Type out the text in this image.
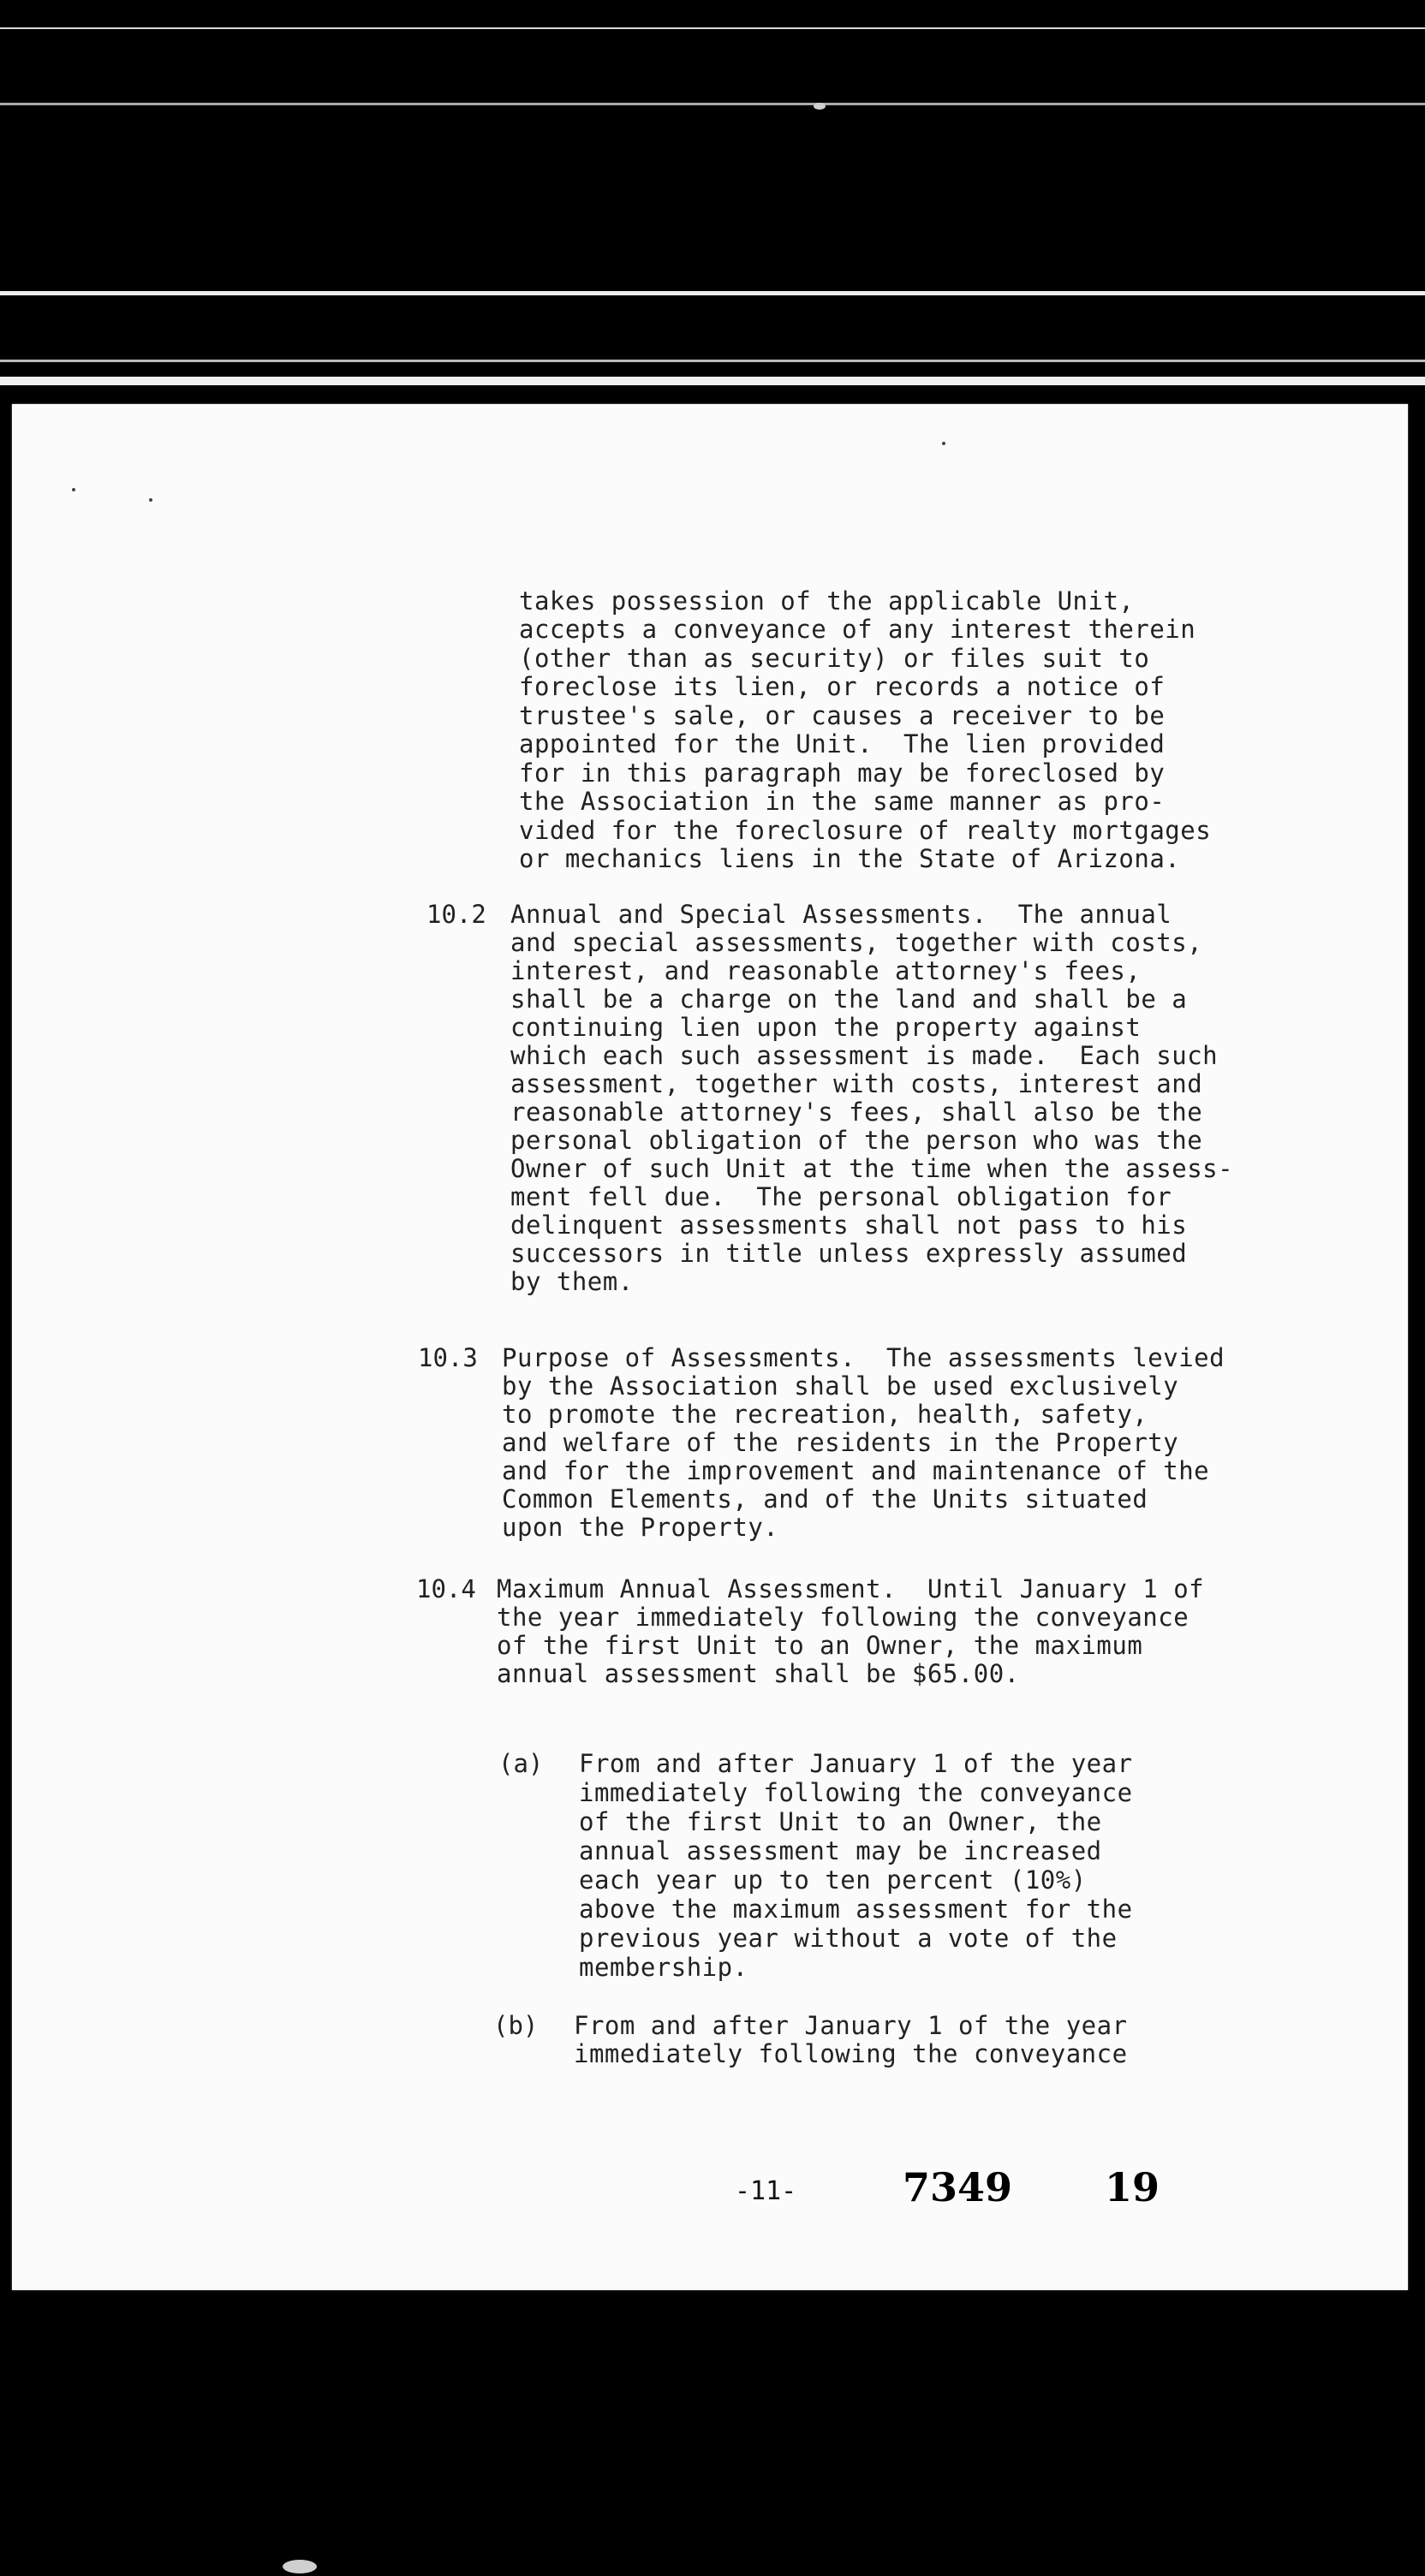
takes possession of the applicable Unit,
accepts a conveyance of any interest therein
(other than as security) or files suit to
foreclose its lien, or records a notice of
trustee's sale, or causes a receiver to be
appointed for the Unit.  The lien provided
for in this paragraph may be foreclosed by
the Association in the same manner as pro-
vided for the foreclosure of realty mortgages
or mechanics liens in the State of Arizona.
10.2 Annual and Special Assessments.  The annual
and special assessments, together with costs,
interest, and reasonable attorney's fees,
shall be a charge on the land and shall be a
continuing lien upon the property against
which each such assessment is made.  Each such
assessment, together with costs, interest and
reasonable attorney's fees, shall also be the
personal obligation of the person who was the
Owner of such Unit at the time when the assess-
ment fell due.  The personal obligation for
delinquent assessments shall not pass to his
successors in title unless expressly assumed
by them.
10.3 Purpose of Assessments.  The assessments levied
by the Association shall be used exclusively
to promote the recreation, health, safety,
and welfare of the residents in the Property
and for the improvement and maintenance of the
Common Elements, and of the Units situated
upon the Property.
10.4 Maximum Annual Assessment.  Until January 1 of
the year immediately following the conveyance
of the first Unit to an Owner, the maximum
annual assessment shall be $65.00.
(a) From and after January 1 of the year
immediately following the conveyance
of the first Unit to an Owner, the
annual assessment may be increased
each year up to ten percent (10%)
above the maximum assessment for the
previous year without a vote of the
membership.
(b) From and after January 1 of the year
immediately following the conveyance
-11-	7349 19
